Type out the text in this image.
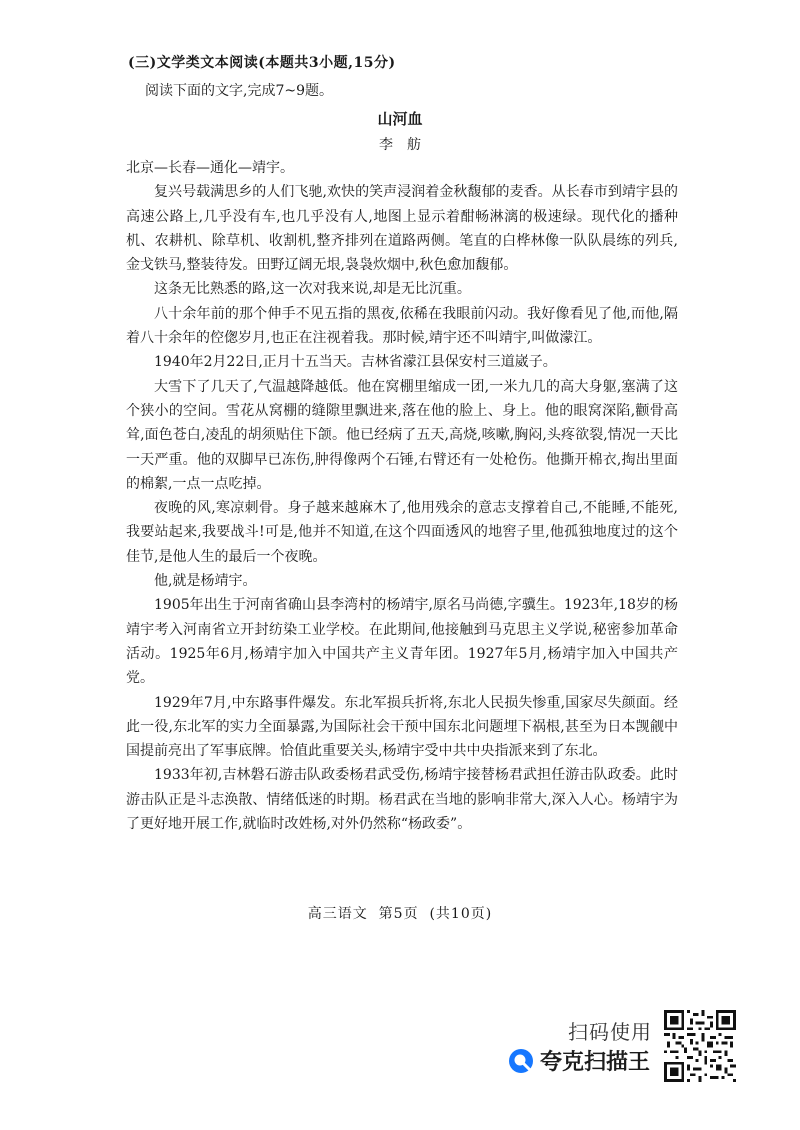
(三)文学类文本阅读(本题共3小题,15分)
阅读下面的文字,完成7~9题。
山河血
李舫

北京—长春—通化—靖宇。

复兴号载满思乡的人们飞驰,欢快的笑声浸润着金秋馥郁的麦香。从长春市到靖宇县的高速公路上,几乎没有车,也几乎没有人,地图上显示着酣畅淋漓的极速绿。现代化的播种机、农耕机、除草机、收割机,整齐排列在道路两侧。笔直的白桦林像一队队晨练的列兵,金戈铁马,整装待发。田野辽阔无垠,袅袅炊烟中,秋色愈加馥郁。

这条无比熟悉的路,这一次对我来说,却是无比沉重。

八十余年前的那个伸手不见五指的黑夜,依稀在我眼前闪动。我好像看见了他,而他,隔着八十余年的倥偬岁月,也正在注视着我。那时候,靖宇还不叫靖宇,叫做濛江。

1940年2月22日,正月十五当天。吉林省濛江县保安村三道崴子。

大雪下了几天了,气温越降越低。他在窝棚里缩成一团,一米九几的高大身躯,塞满了这个狭小的空间。雪花从窝棚的缝隙里飘进来,落在他的脸上、身上。他的眼窝深陷,颧骨高耸,面色苍白,凌乱的胡须贴住下颌。他已经病了五天,高烧,咳嗽,胸闷,头疼欲裂,情况一天比一天严重。他的双脚早已冻伤,肿得像两个石锤,右臂还有一处枪伤。他撕开棉衣,掏出里面的棉絮,一点一点吃掉。

夜晚的风,寒凉刺骨。身子越来越麻木了,他用残余的意志支撑着自己,不能睡,不能死,我要站起来,我要战斗!可是,他并不知道,在这个四面透风的地窖子里,他孤独地度过的这个佳节,是他人生的最后一个夜晚。

他,就是杨靖宇。

1905年出生于河南省确山县李湾村的杨靖宇,原名马尚德,字骥生。1923年,18岁的杨靖宇考入河南省立开封纺染工业学校。在此期间,他接触到马克思主义学说,秘密参加革命活动。1925年6月,杨靖宇加入中国共产主义青年团。1927年5月,杨靖宇加入中国共产党。

1929年7月,中东路事件爆发。东北军损兵折将,东北人民损失惨重,国家尽失颜面。经此一役,东北军的实力全面暴露,为国际社会干预中国东北问题埋下祸根,甚至为日本觊觎中国提前亮出了军事底牌。恰值此重要关头,杨靖宇受中共中央指派来到了东北。

1933年初,吉林磐石游击队政委杨君武受伤,杨靖宇接替杨君武担任游击队政委。此时游击队正是斗志涣散、情绪低迷的时期。杨君武在当地的影响非常大,深入人心。杨靖宇为了更好地开展工作,就临时改姓杨,对外仍然称“杨政委”。

高三语文  第5页  (共10页)
扫码使用
夸克扫描王
